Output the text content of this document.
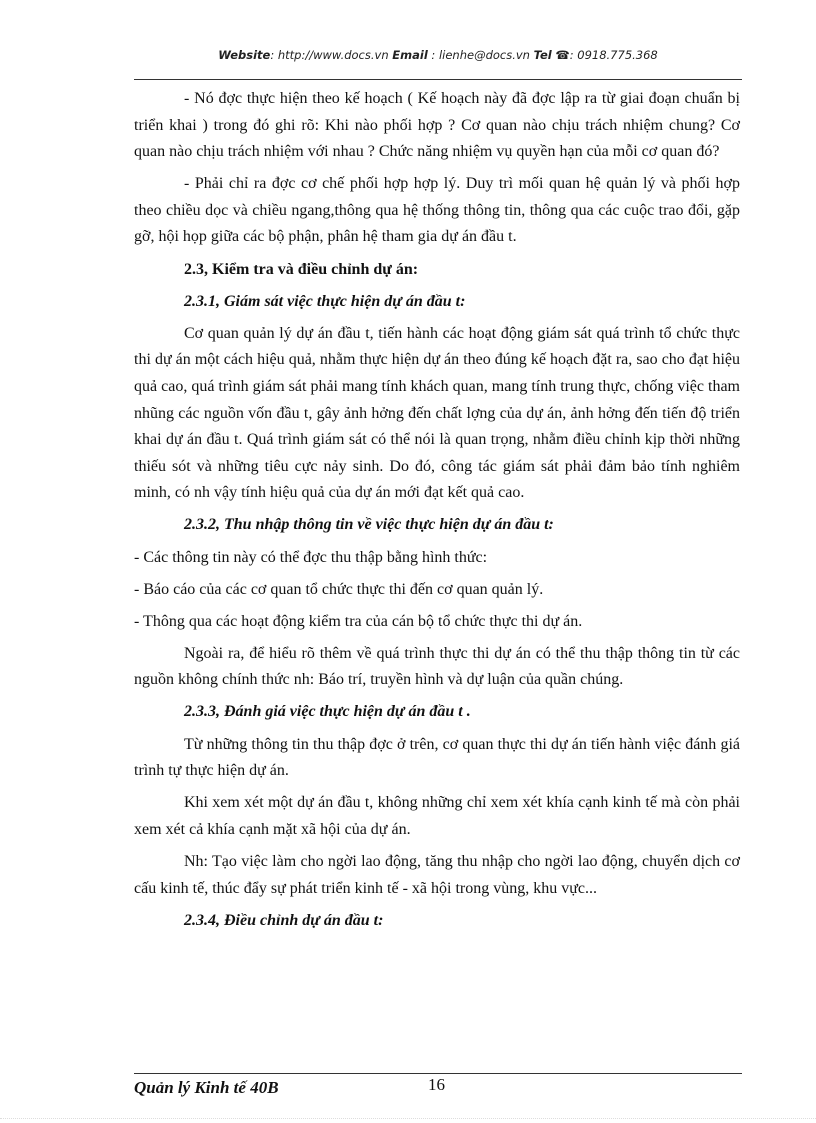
Website: http://www.docs.vn Email : lienhe@docs.vn Tel ☎: 0918.775.368

- Nó đợc thực hiện theo kế hoạch ( Kế hoạch này đã đợc lập ra từ giai đoạn chuẩn bị triển khai ) trong đó ghi rõ: Khi nào phối hợp ? Cơ quan nào chịu trách nhiệm chung? Cơ quan nào chịu trách nhiệm với nhau ? Chức năng nhiệm vụ quyền hạn của mỗi cơ quan đó?

- Phải chỉ ra đợc cơ chế phối hợp hợp lý. Duy trì mối quan hệ quản lý và phối hợp theo chiều dọc và chiều ngang,thông qua hệ thống thông tin, thông qua các cuộc trao đổi, gặp gỡ, hội họp giữa các bộ phận, phân hệ tham gia dự án đầu t.

2.3, Kiểm tra và điều chỉnh dự án:

2.3.1, Giám sát việc thực hiện dự án đầu t:

Cơ quan quản lý dự án đầu t, tiến hành các hoạt động giám sát quá trình tổ chức thực thi dự án một cách hiệu quả, nhằm thực hiện dự án theo đúng kế hoạch đặt ra, sao cho đạt hiệu quả cao, quá trình giám sát phải mang tính khách quan, mang tính trung thực, chống việc tham nhũng các nguồn vốn đầu t, gây ảnh hởng đến chất lợng của dự án, ảnh hởng đến tiến độ triển khai dự án đầu t. Quá trình giám sát có thể nói là quan trọng, nhằm điều chỉnh kịp thời những thiếu sót và những tiêu cực nảy sinh. Do đó, công tác giám sát phải đảm bảo tính nghiêm minh, có nh vậy tính hiệu quả của dự án mới đạt kết quả cao.

2.3.2, Thu nhập thông tin về việc thực hiện dự án đầu t:

- Các thông tin này có thể đợc thu thập bằng hình thức:

- Báo cáo của các cơ quan tổ chức thực thi đến cơ quan quản lý.

- Thông qua các hoạt động kiểm tra của cán bộ tổ chức thực thi dự án.

Ngoài ra, để hiểu rõ thêm về quá trình thực thi dự án có thể thu thập thông tin từ các nguồn không chính thức nh: Báo trí, truyền hình và dự luận của quần chúng.

2.3.3, Đánh giá việc thực hiện dự án đầu t .

Từ những thông tin thu thập đợc ở trên, cơ quan thực thi dự án tiến hành việc đánh giá trình tự thực hiện dự án.

Khi xem xét một dự án đầu t, không những chỉ xem xét khía cạnh kinh tế mà còn phải xem xét cả khía cạnh mặt xã hội của dự án.

Nh: Tạo việc làm cho ngời lao động, tăng thu nhập cho ngời lao động, chuyển dịch cơ cấu kinh tế, thúc đẩy sự phát triển kinh tế - xã hội trong vùng, khu vực...

2.3.4, Điều chỉnh dự án đầu t:

Quản lý Kinh tế 40B	16
